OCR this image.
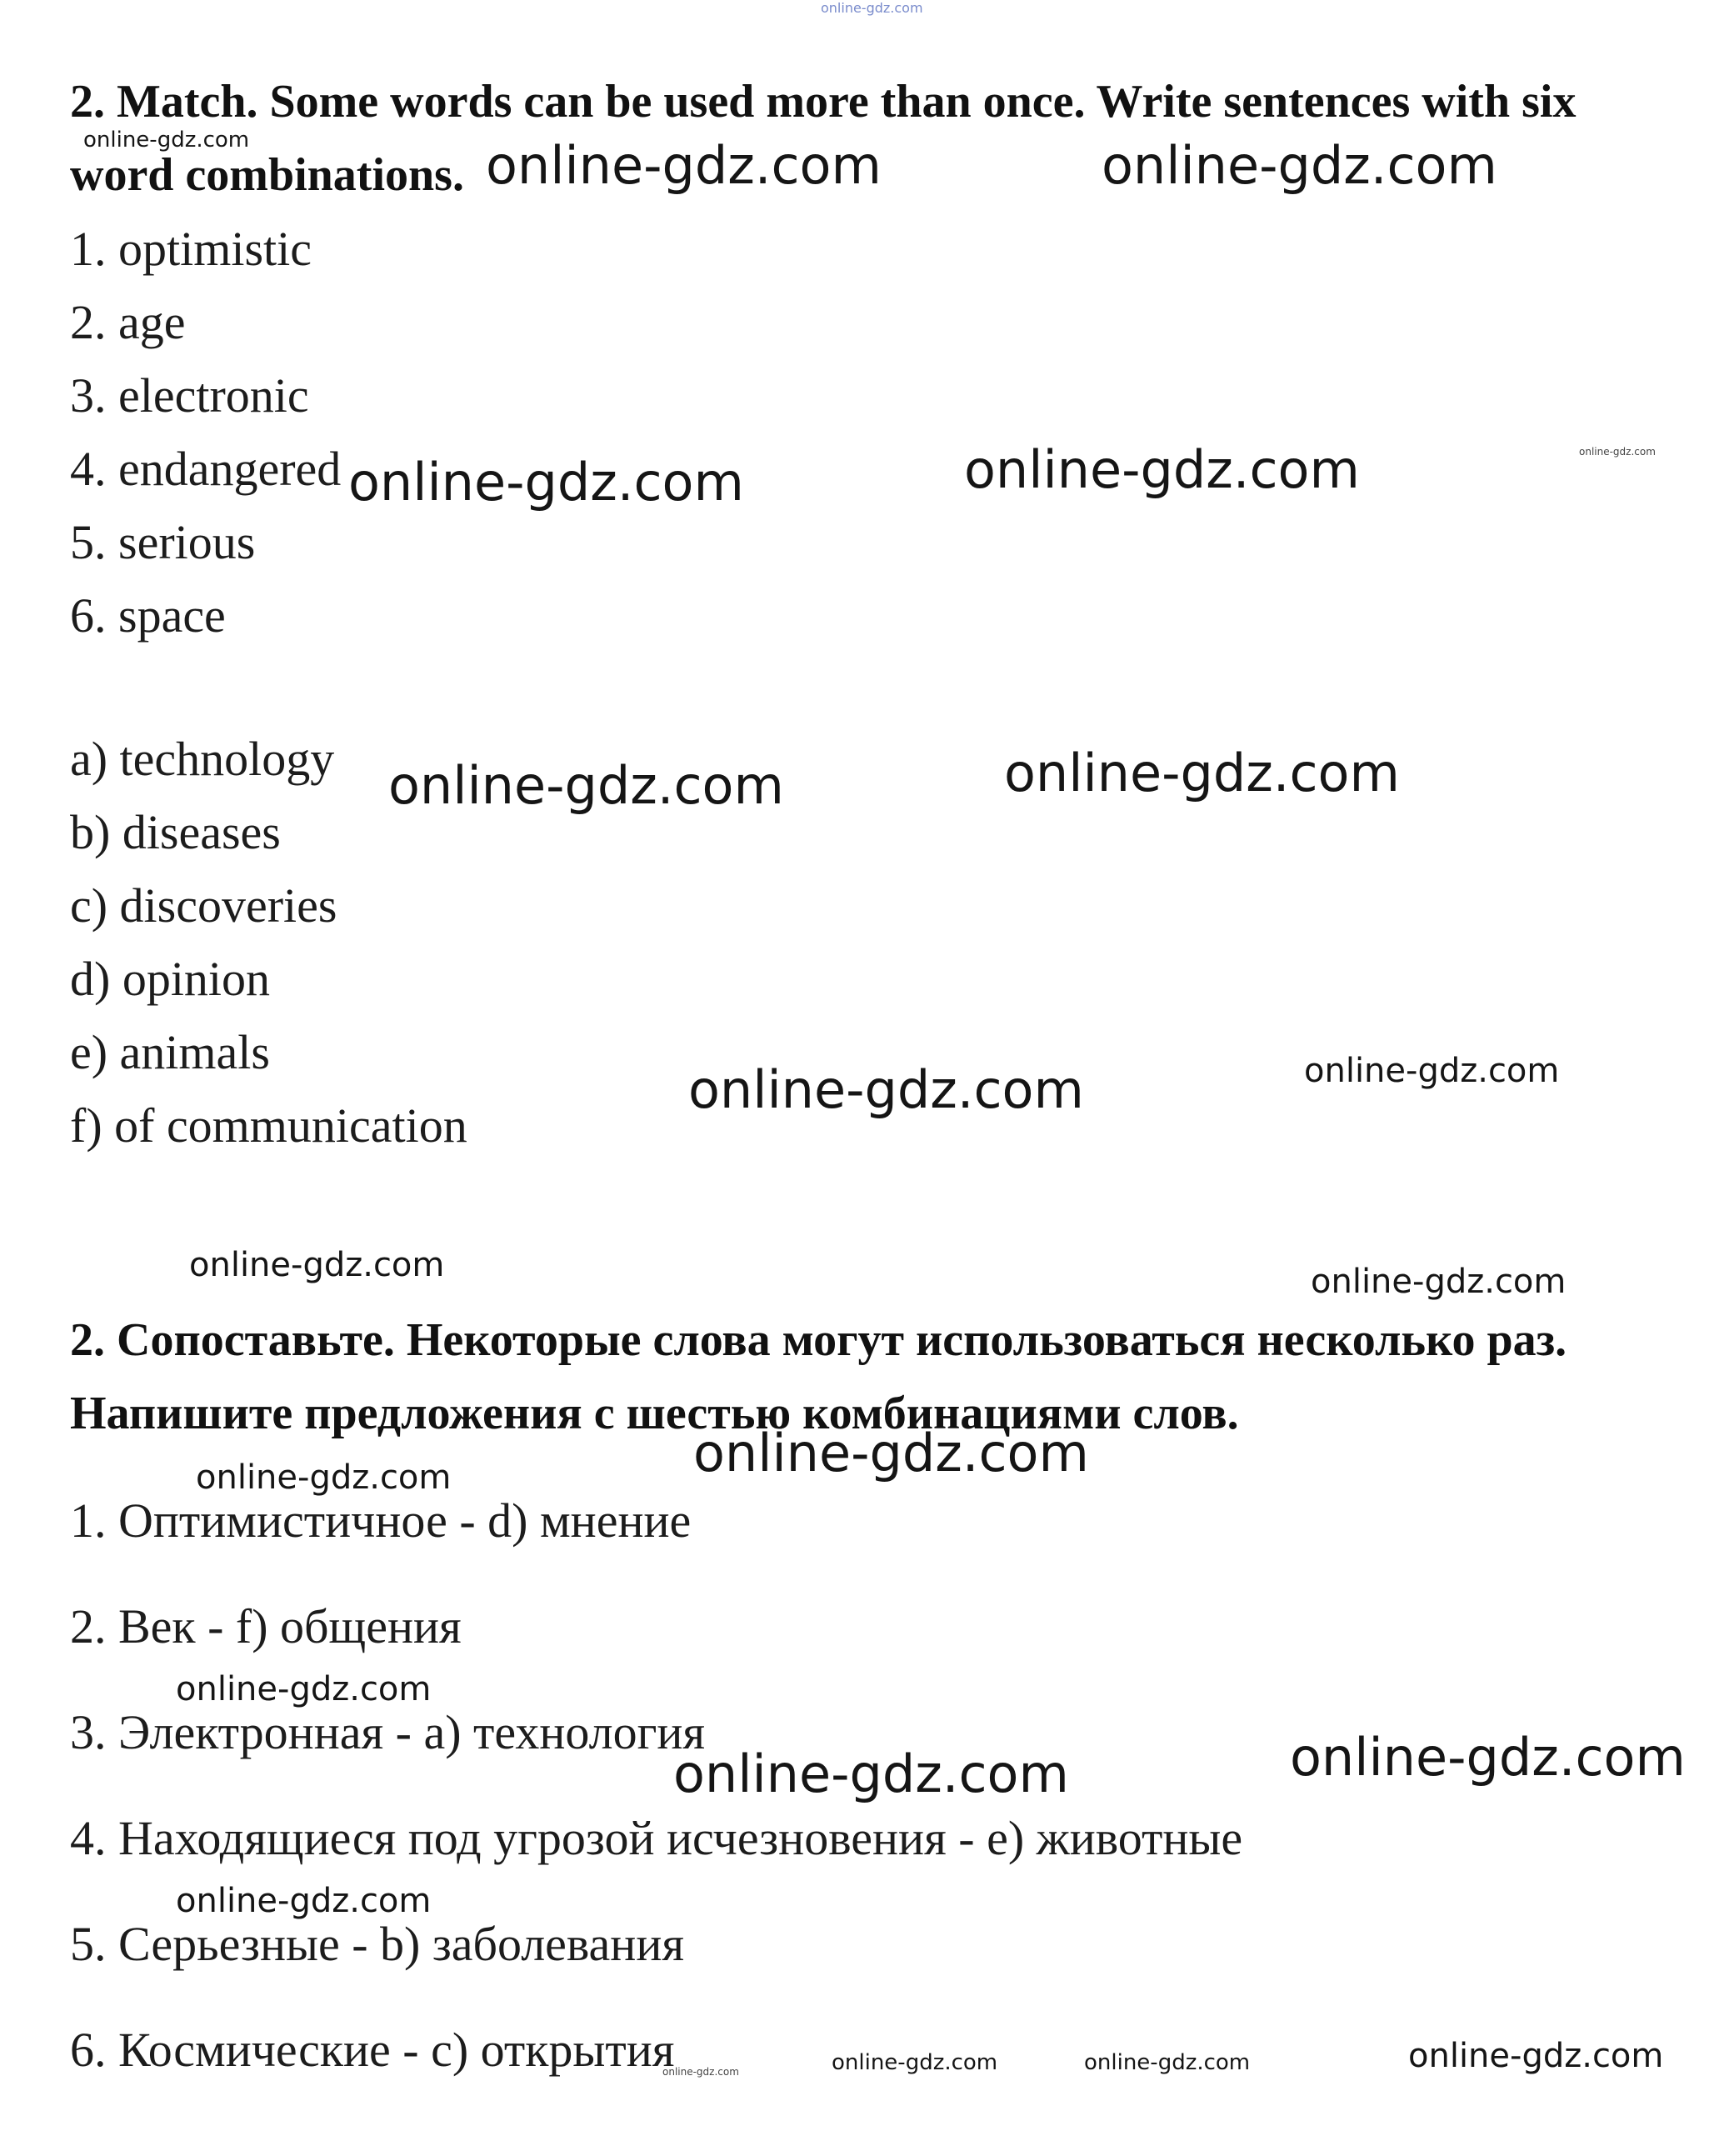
2. Match. Some words can be used more than once. Write sentences with six word combinations.
1. optimistic
2. age
3. electronic
4. endangered
5. serious
6. space
a) technology
b) diseases
c) discoveries
d) opinion
e) animals
f) of communication
2. Сопоставьте. Некоторые слова могут использоваться несколько раз. Напишите предложения с шестью комбинациями слов.
1. Оптимистичное - d) мнение
2. Век - f) общения
3. Электронная - a) технология
4. Находящиеся под угрозой исчезновения - e) животные
5. Серьезные - b) заболевания
6. Космические - c) открытия
online-gdz.com
online-gdz.com	online-gdz.com	online-gdz.com
online-gdz.com
online-gdz.com	online-gdz.com
online-gdz.com	online-gdz.com
online-gdz.com	online-gdz.com
online-gdz.com	online-gdz.com
online-gdz.com
online-gdz.com
online-gdz.com
online-gdz.com	online-gdz.com
online-gdz.com
online-gdz.com	online-gdz.com	online-gdz.com	online-gdz.com
